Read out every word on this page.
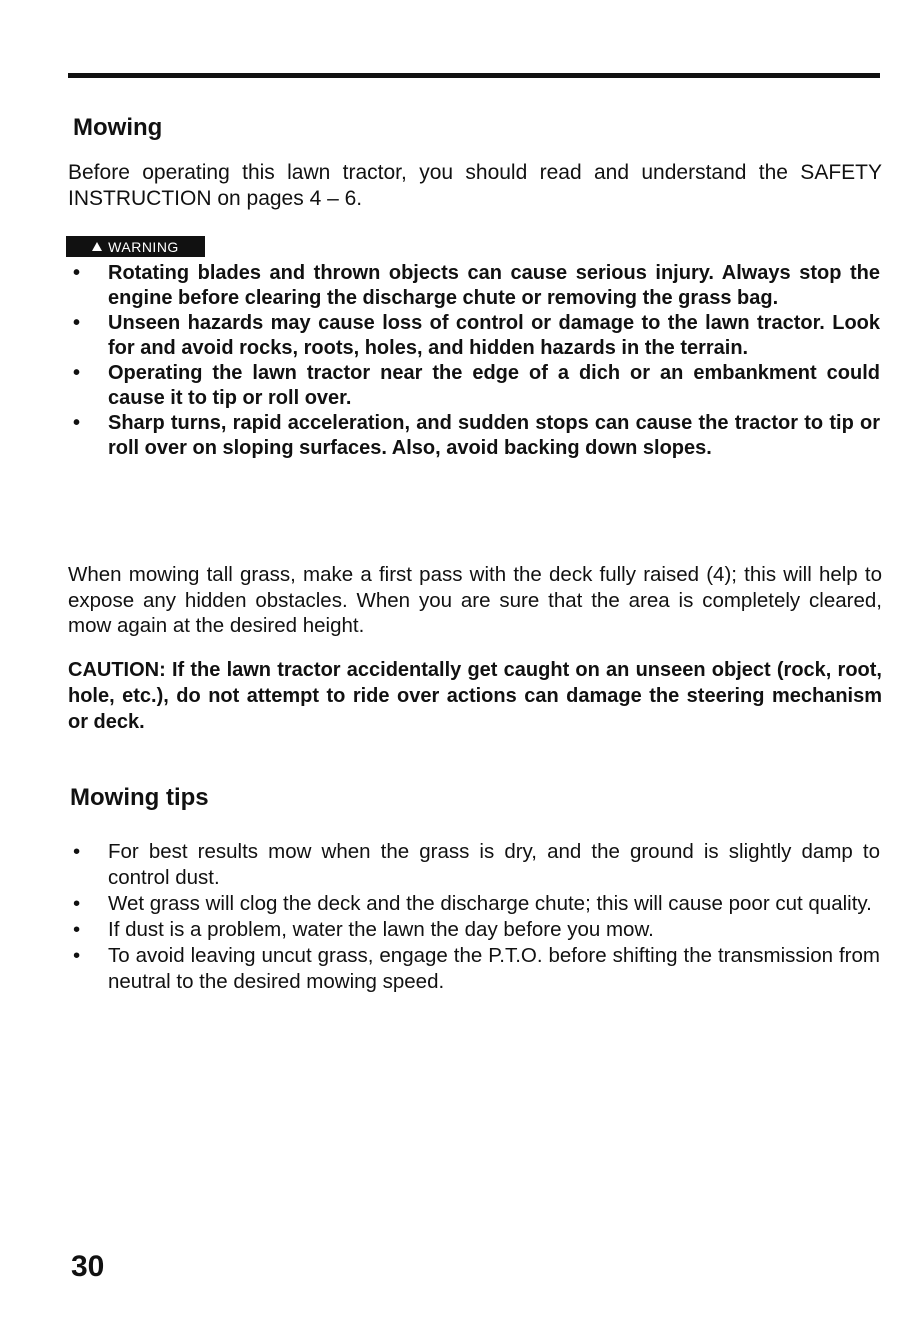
Mowing

Before operating this lawn tractor, you should read and understand the SAFETY INSTRUCTION on pages 4 – 6.

WARNING
• Rotating blades and thrown objects can cause serious injury. Always stop the engine before clearing the discharge chute or removing the grass bag.
• Unseen hazards may cause loss of control or damage to the lawn tractor. Look for and avoid rocks, roots, holes, and hidden hazards in the terrain.
• Operating the lawn tractor near the edge of a dich or an embankment could cause it to tip or roll over.
• Sharp turns, rapid acceleration, and sudden stops can cause the tractor to tip or roll over on sloping surfaces. Also, avoid backing down slopes.

When mowing tall grass, make a first pass with the deck fully raised (4); this will help to expose any hidden obstacles. When you are sure that the area is completely cleared, mow again at the desired height.

CAUTION: If the lawn tractor accidentally get caught on an unseen object (rock, root, hole, etc.), do not attempt to ride over actions can damage the steering mechanism or deck.

Mowing tips
• For best results mow when the grass is dry, and the ground is slightly damp to control dust.
• Wet grass will clog the deck and the discharge chute; this will cause poor cut quality.
• If dust is a problem, water the lawn the day before you mow.
• To avoid leaving uncut grass, engage the P.T.O. before shifting the transmission from neutral to the desired mowing speed.

30
